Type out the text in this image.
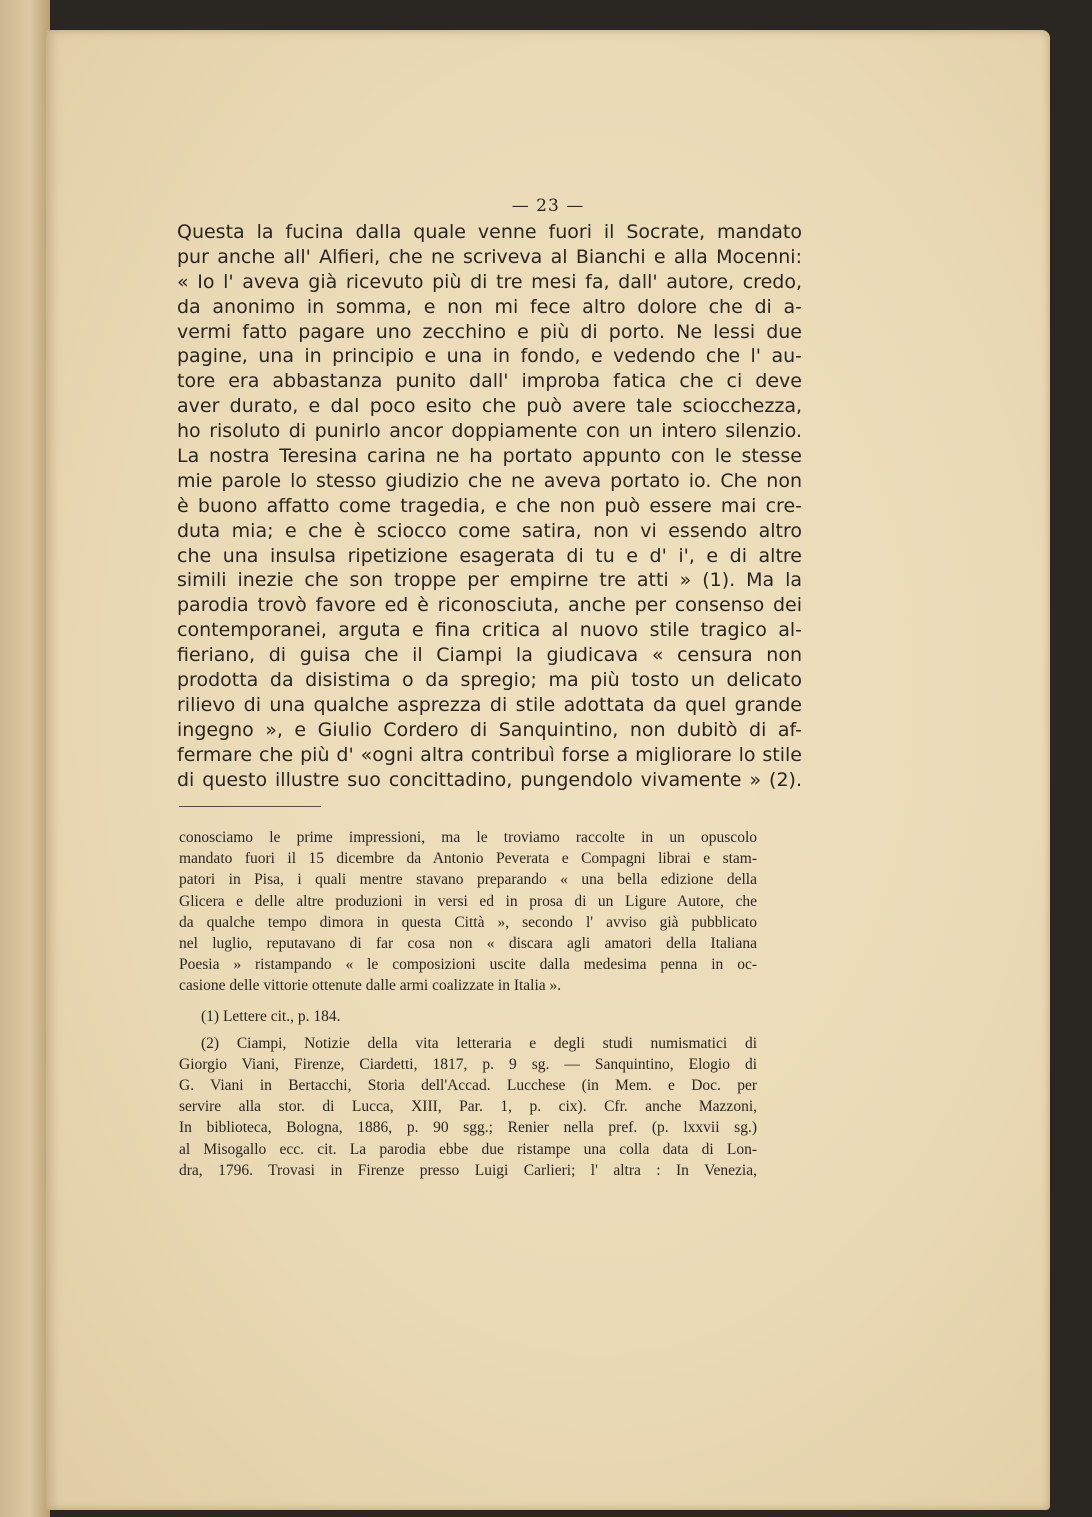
— 23 —
Questa la fucina dalla quale venne fuori il Socrate, mandato
pur anche all' Alfieri, che ne scriveva al Bianchi e alla Mocenni:
« Io l' aveva già ricevuto più di tre mesi fa, dall' autore, credo,
da anonimo in somma, e non mi fece altro dolore che di a-
vermi fatto pagare uno zecchino e più di porto. Ne lessi due
pagine, una in principio e una in fondo, e vedendo che l' au-
tore era abbastanza punito dall' improba fatica che ci deve
aver durato, e dal poco esito che può avere tale sciocchezza,
ho risoluto di punirlo ancor doppiamente con un intero silenzio.
La nostra Teresina carina ne ha portato appunto con le stesse
mie parole lo stesso giudizio che ne aveva portato io. Che non
è buono affatto come tragedia, e che non può essere mai cre-
duta mia; e che è sciocco come satira, non vi essendo altro
che una insulsa ripetizione esagerata di tu e d' i', e di altre
simili inezie che son troppe per empirne tre atti » (1). Ma la
parodia trovò favore ed è riconosciuta, anche per consenso dei
contemporanei, arguta e fina critica al nuovo stile tragico al-
fieriano, di guisa che il Ciampi la giudicava « censura non
prodotta da disistima o da spregio; ma più tosto un delicato
rilievo di una qualche asprezza di stile adottata da quel grande
ingegno », e Giulio Cordero di Sanquintino, non dubitò di af-
fermare che più d' «ogni altra contribuì forse a migliorare lo stile
di questo illustre suo concittadino, pungendolo vivamente » (2).
conosciamo le prime impressioni, ma le troviamo raccolte in un opuscolo
mandato fuori il 15 dicembre da Antonio Peverata e Compagni librai e stam-
patori in Pisa, i quali mentre stavano preparando « una bella edizione della
Glicera e delle altre produzioni in versi ed in prosa di un Ligure Autore, che
da qualche tempo dimora in questa Città », secondo l' avviso già pubblicato
nel luglio, reputavano di far cosa non « discara agli amatori della Italiana
Poesia » ristampando « le composizioni uscite dalla medesima penna in oc-
casione delle vittorie ottenute dalle armi coalizzate in Italia ».
(1) Lettere cit., p. 184.
(2) Ciampi, Notizie della vita letteraria e degli studi numismatici di
Giorgio Viani, Firenze, Ciardetti, 1817, p. 9 sg. — Sanquintino, Elogio di
G. Viani in Bertacchi, Storia dell'Accad. Lucchese (in Mem. e Doc. per
servire alla stor. di Lucca, XIII, Par. 1, p. cix). Cfr. anche Mazzoni,
In biblioteca, Bologna, 1886, p. 90 sgg.; Renier nella pref. (p. lxxvii sg.)
al Misogallo ecc. cit. La parodia ebbe due ristampe una colla data di Lon-
dra, 1796. Trovasi in Firenze presso Luigi Carlieri; l' altra : In Venezia,
